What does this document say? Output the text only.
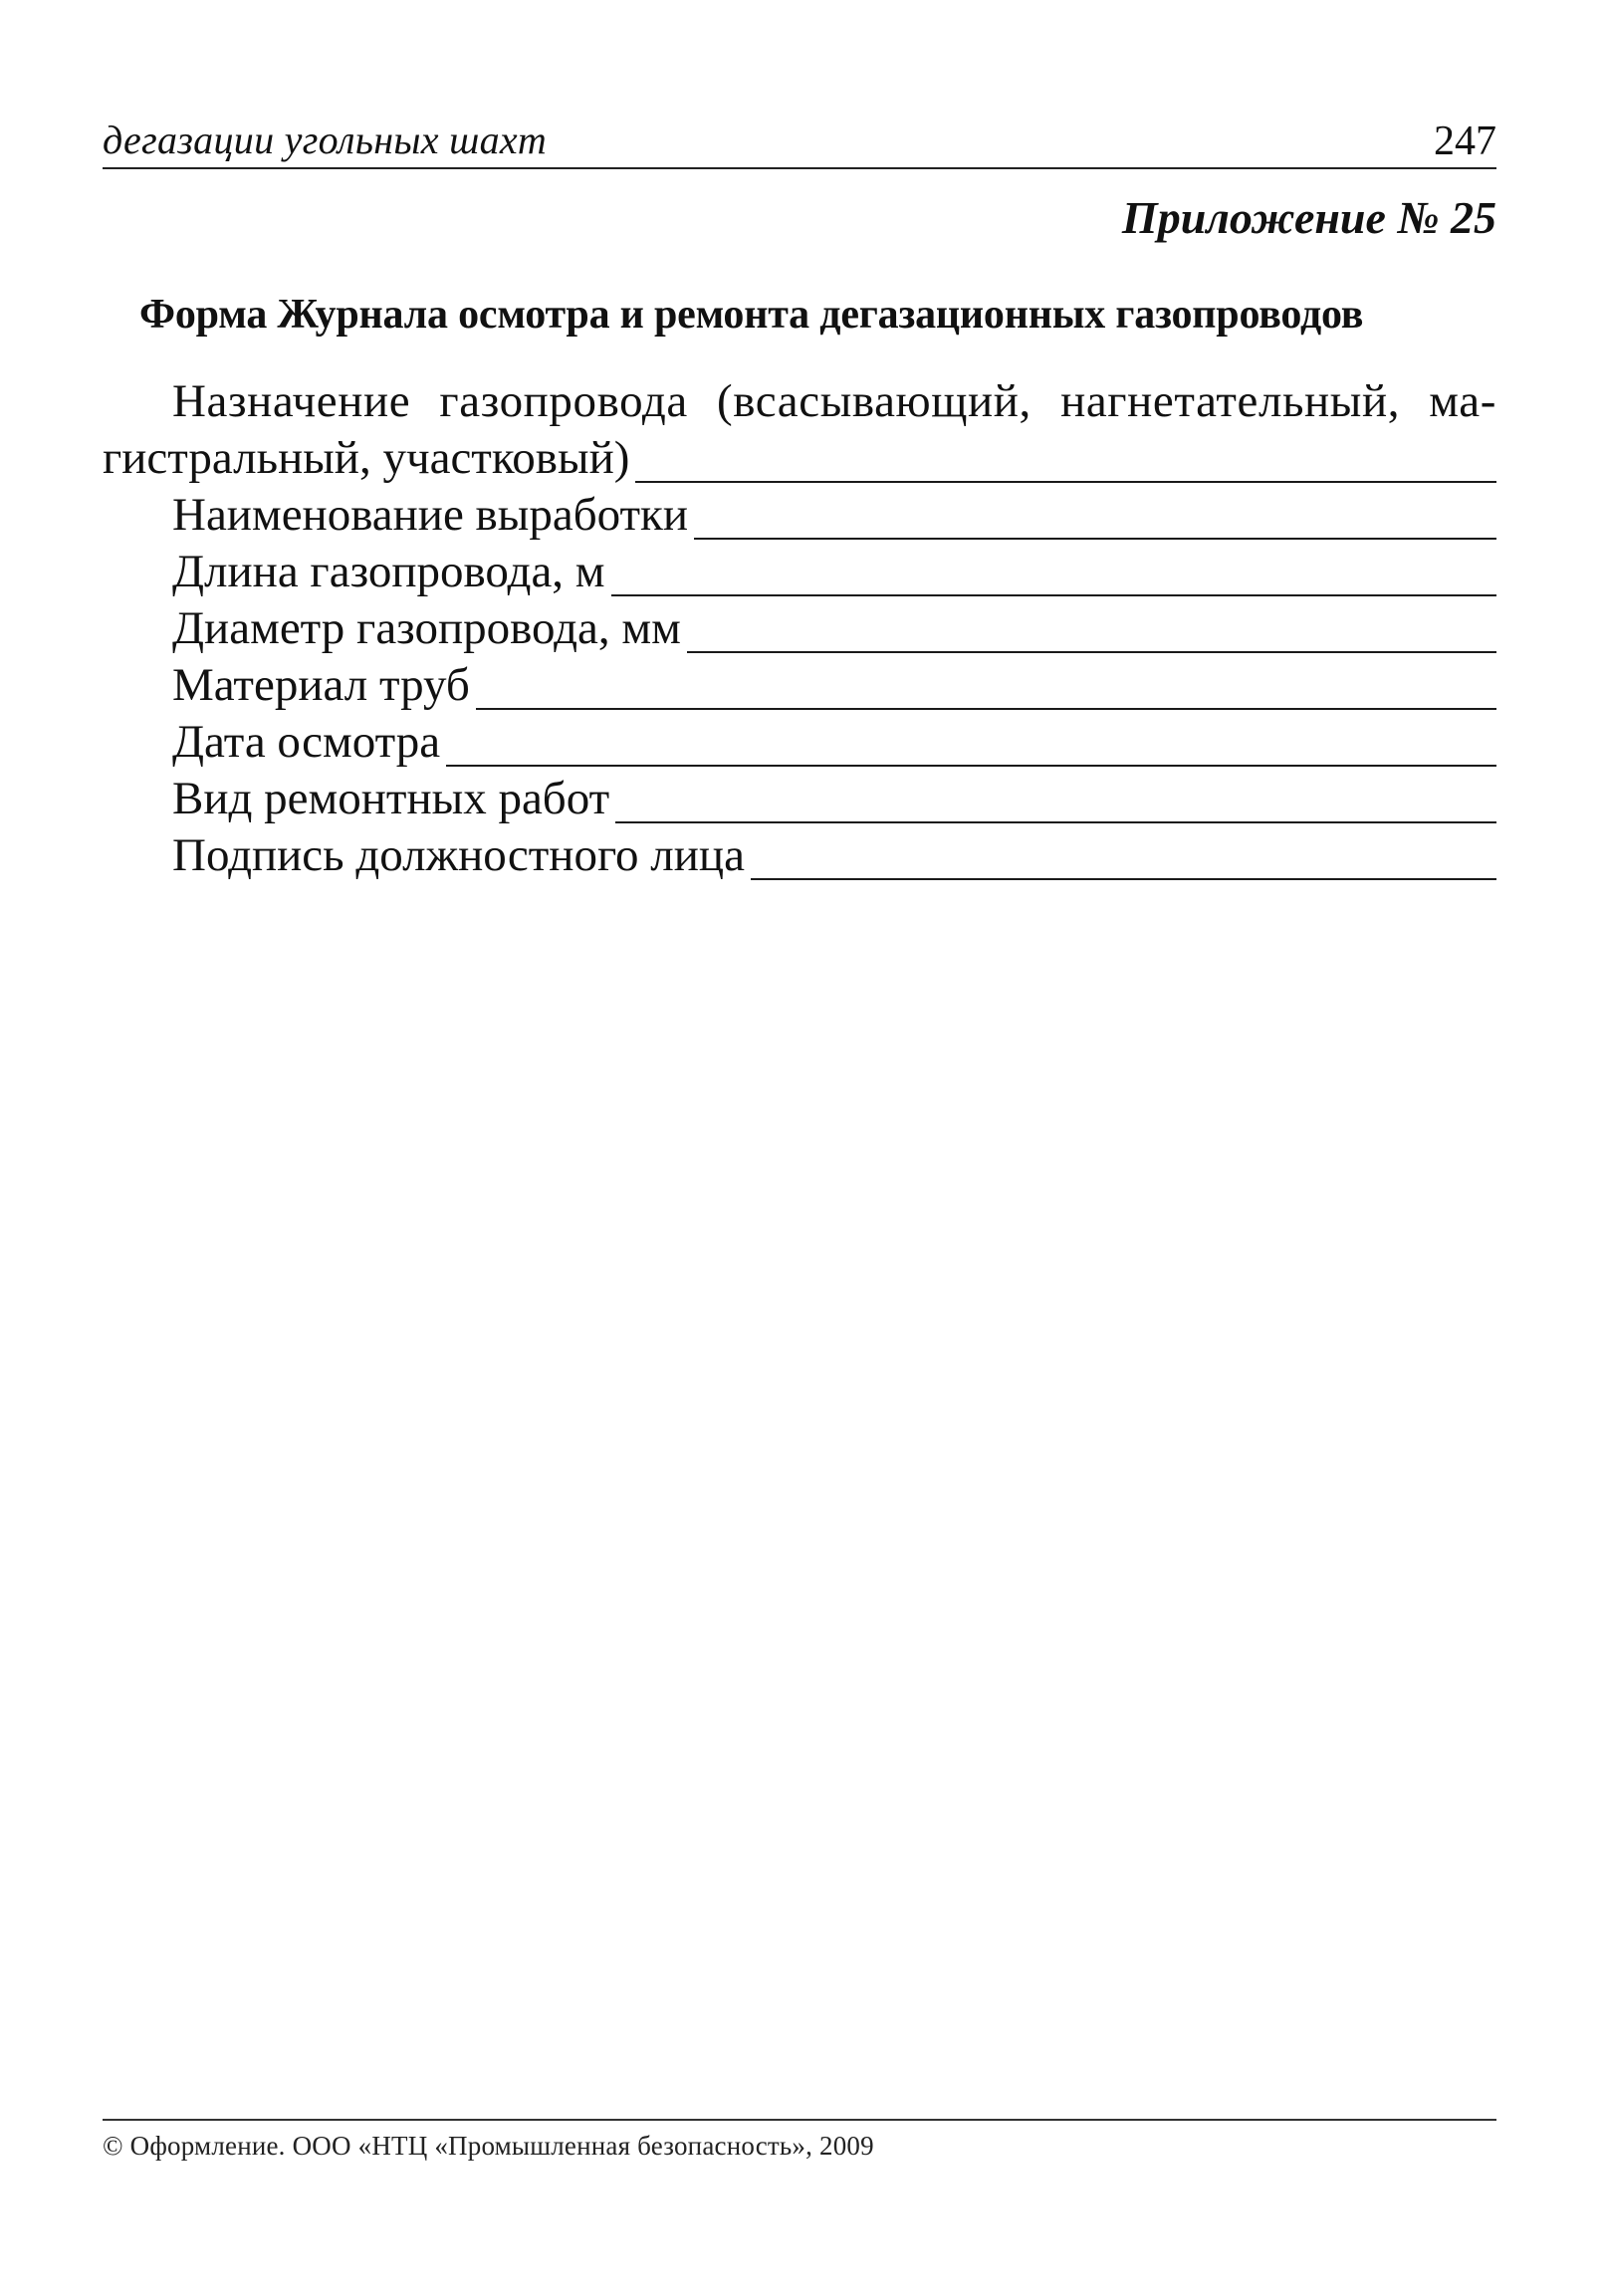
дегазации угольных шахт	247
Приложение № 25
Форма Журнала осмотра и ремонта дегазационных газопроводов
Назначение газопровода (всасывающий, нагнетательный, ма-
гистральный, участковый)
Наименование выработки
Длина газопровода, м
Диаметр газопровода, мм
Материал труб
Дата осмотра
Вид ремонтных работ
Подпись должностного лица
© Оформление. ООО «НТЦ «Промышленная безопасность», 2009
